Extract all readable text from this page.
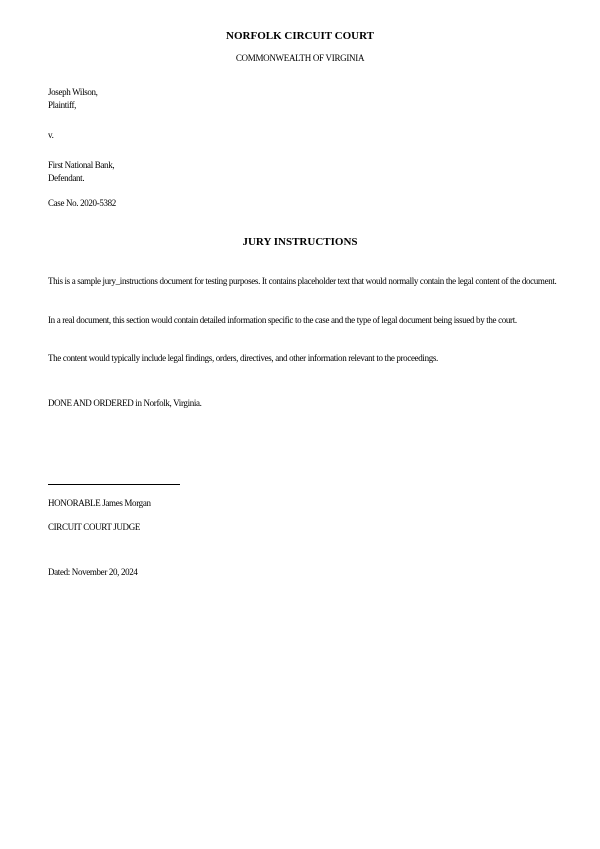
NORFOLK CIRCUIT COURT
COMMONWEALTH OF VIRGINIA
Joseph Wilson,
Plaintiff,
v.
First National Bank,
Defendant.
Case No. 2020-5382
JURY INSTRUCTIONS
This is a sample jury_instructions document for testing purposes. It contains placeholder text that would normally contain the legal content of the document.
In a real document, this section would contain detailed information specific to the case and the type of legal document being issued by the court.
The content would typically include legal findings, orders, directives, and other information relevant to the proceedings.
DONE AND ORDERED in Norfolk, Virginia.
HONORABLE James Morgan
CIRCUIT COURT JUDGE
Dated: November 20, 2024
